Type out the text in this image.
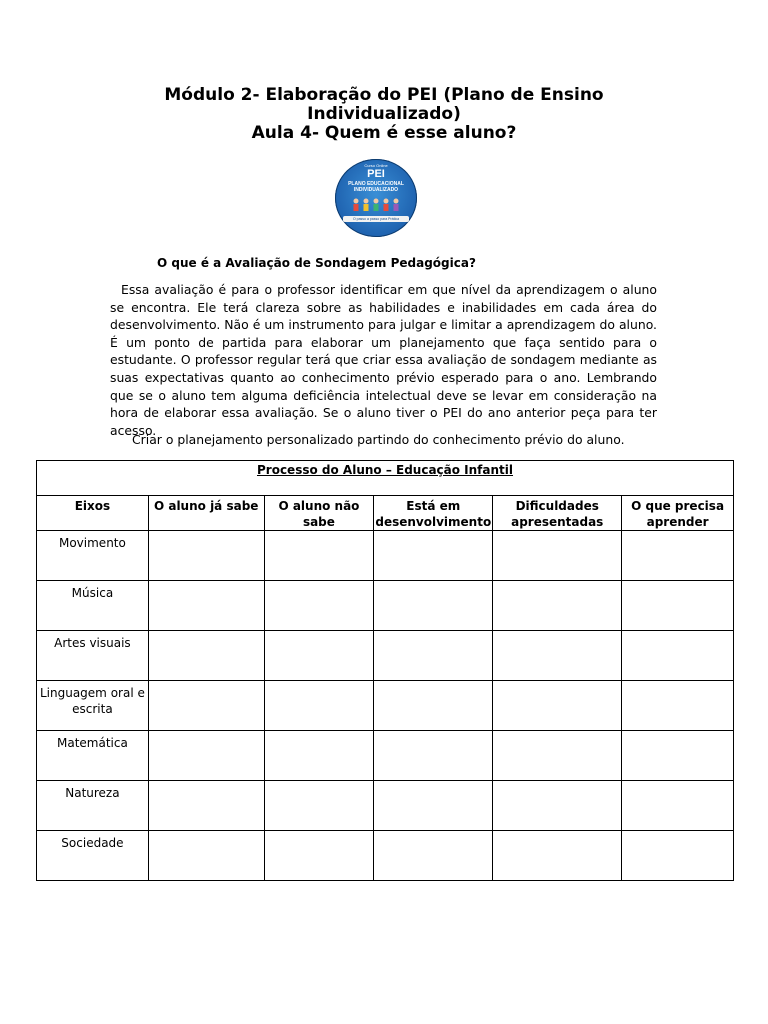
Módulo 2- Elaboração do PEI (Plano de Ensino
Individualizado)
Aula 4- Quem é esse aluno?
Curso Online
PEI
PLANO EDUCACIONAL
INDIVIDUALIZADO
O passo a passo para Prática
O que é a Avaliação de Sondagem Pedagógica?
Essa avaliação é para o professor identificar em que nível da aprendizagem o aluno se encontra. Ele terá clareza sobre as habilidades e inabilidades em cada área do desenvolvimento. Não é um instrumento para julgar e limitar a aprendizagem do aluno. É um ponto de partida para elaborar um planejamento que faça sentido para o estudante. O professor regular terá que criar essa avaliação de sondagem mediante as suas expectativas quanto ao conhecimento prévio esperado para o ano. Lembrando que se o aluno tem alguma deficiência intelectual deve se levar em consideração na hora de elaborar essa avaliação. Se o aluno tiver o PEI do ano anterior peça para ter acesso.
Criar o planejamento personalizado partindo do conhecimento prévio do aluno.
Processo do Aluno – Educação Infantil					
Eixos	O aluno já sabe	O aluno não sabe	Está em desenvolvimento	Dificuldades apresentadas	O que precisa aprender
Movimento					
Música					
Artes visuais					
Linguagem oral e escrita					
Matemática					
Natureza					
Sociedade					
